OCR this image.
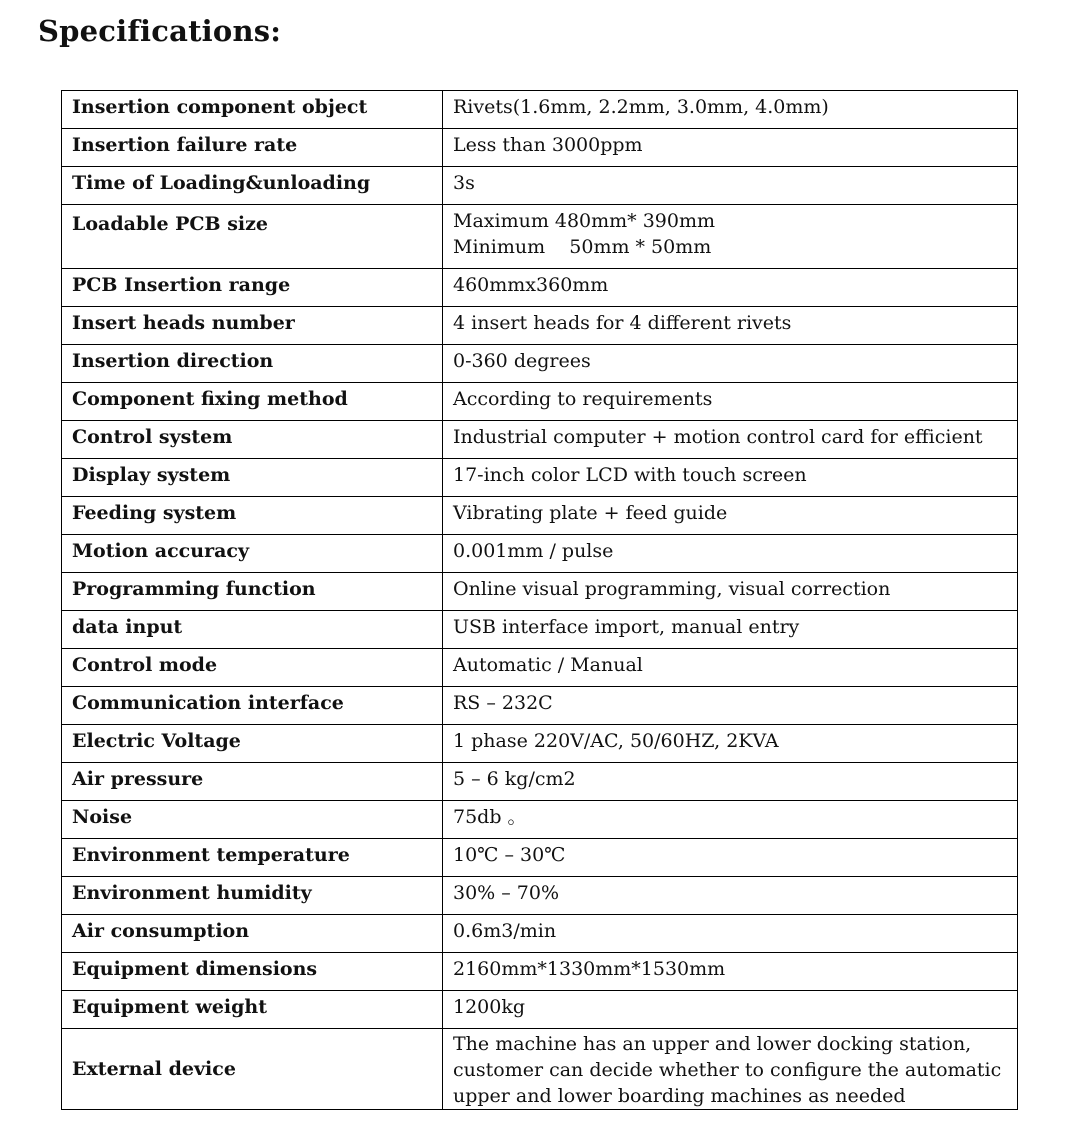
Specifications:
Insertion component object	Rivets(1.6mm, 2.2mm, 3.0mm, 4.0mm)

Insertion failure rate	Less than 3000ppm

Time of Loading&unloading	3s

Loadable PCB size	Maximum 480mm* 390mm
Minimum    50mm * 50mm

PCB Insertion range	460mmx360mm

Insert heads number	4 insert heads for 4 different rivets

Insertion direction	0-360 degrees

Component fixing method	According to requirements

Control system	Industrial computer + motion control card for efficient

Display system	17-inch color LCD with touch screen

Feeding system	Vibrating plate + feed guide

Motion accuracy	0.001mm / pulse

Programming function	Online visual programming, visual correction

data input	USB interface import, manual entry

Control mode	Automatic / Manual

Communication interface	RS – 232C

Electric Voltage	1 phase 220V/AC, 50/60HZ, 2KVA

Air pressure	5 – 6 kg/cm2

Noise	75db 。

Environment temperature	10℃ – 30℃

Environment humidity	30% – 70%

Air consumption	0.6m3/min

Equipment dimensions	2160mm*1330mm*1530mm

Equipment weight	1200kg

External device	The machine has an upper and lower docking station,
customer can decide whether to configure the automatic
upper and lower boarding machines as needed
